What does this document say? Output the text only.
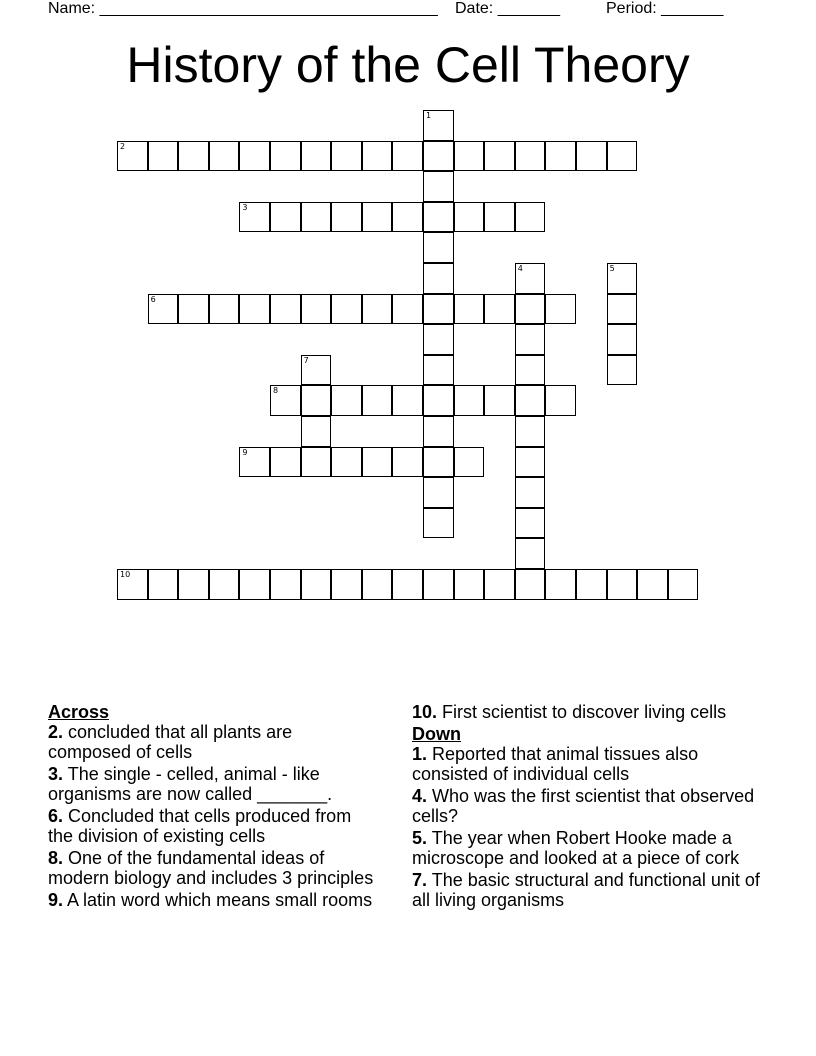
Name: ______________________________________ Date: _______	Period: _______
History of the Cell Theory
1
2
3
4	5
6
7
8
9
10
Across
2. concluded that all plants are composed of cells
3. The single - celled, animal - like organisms are now called _______.
6. Concluded that cells produced from the division of existing cells
8. One of the fundamental ideas of modern biology and includes 3 principles
9. A latin word which means small rooms
10. First scientist to discover living cells
Down
1. Reported that animal tissues also consisted of individual cells
4. Who was the first scientist that observed cells?
5. The year when Robert Hooke made a microscope and looked at a piece of cork
7. The basic structural and functional unit of all living organisms
